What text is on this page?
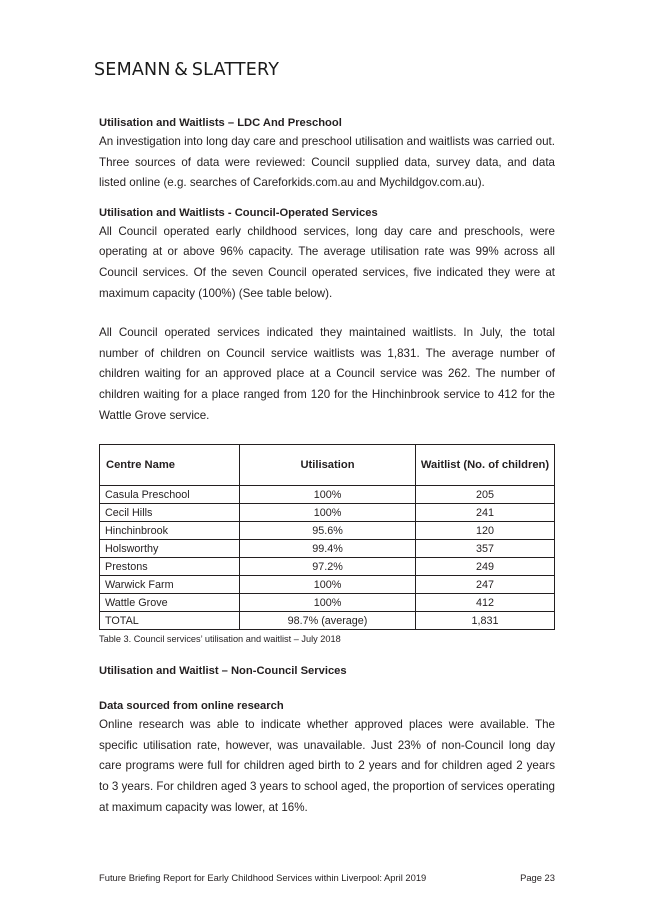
SEMANN & SLATTERY
Utilisation and Waitlists – LDC And Preschool

An investigation into long day care and preschool utilisation and waitlists was carried out. Three sources of data were reviewed: Council supplied data, survey data, and data listed online (e.g. searches of Careforkids.com.au and Mychildgov.com.au).

Utilisation and Waitlists - Council-Operated Services

All Council operated early childhood services, long day care and preschools, were operating at or above 96% capacity. The average utilisation rate was 99% across all Council services. Of the seven Council operated services, five indicated they were at maximum capacity (100%) (See table below).

All Council operated services indicated they maintained waitlists. In July, the total number of children on Council service waitlists was 1,831. The average number of children waiting for an approved place at a Council service was 262. The number of children waiting for a place ranged from 120 for the Hinchinbrook service to 412 for the Wattle Grove service.

Centre Name	Utilisation	Waitlist (No. of children)
Casula Preschool	100%	205
Cecil Hills	100%	241
Hinchinbrook	95.6%	120
Holsworthy	99.4%	357
Prestons	97.2%	249
Warwick Farm	100%	247
Wattle Grove	100%	412
TOTAL	98.7% (average)	1,831
Table 3. Council services’ utilisation and waitlist – July 2018
Utilisation and Waitlist – Non-Council Services
Data sourced from online research

Online research was able to indicate whether approved places were available. The specific utilisation rate, however, was unavailable. Just 23% of non-Council long day care programs were full for children aged birth to 2 years and for children aged 2 years to 3 years. For children aged 3 years to school aged, the proportion of services operating at maximum capacity was lower, at 16%.

Future Briefing Report for Early Childhood Services within Liverpool: April 2019	Page 23
